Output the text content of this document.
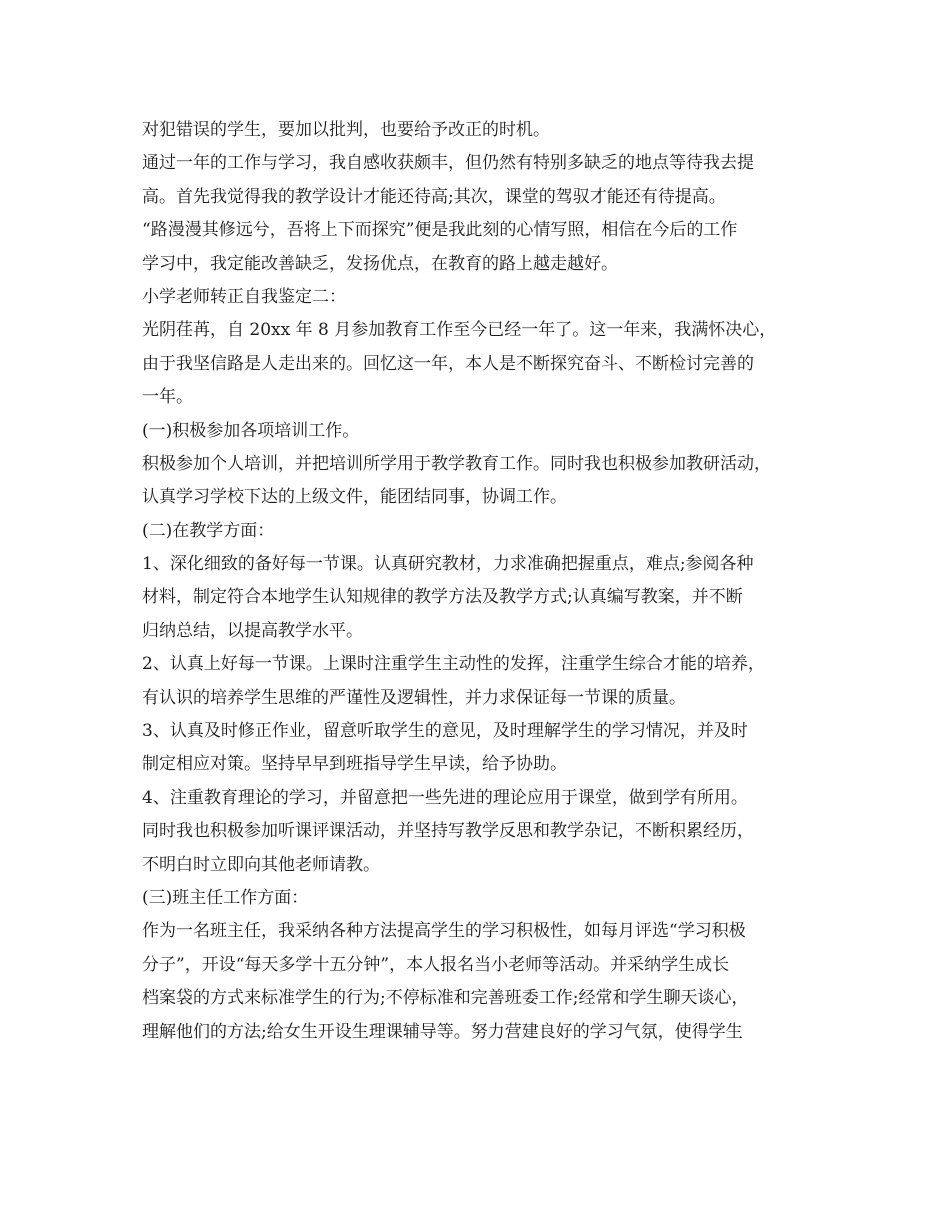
对犯错误的学生，要加以批判，也要给予改正的时机。
通过一年的工作与学习，我自感收获颇丰，但仍然有特别多缺乏的地点等待我去提
高。首先我觉得我的教学设计才能还待高;其次，课堂的驾驭才能还有待提高。
“路漫漫其修远兮，吾将上下而探究”便是我此刻的心情写照，相信在今后的工作
学习中，我定能改善缺乏，发扬优点，在教育的路上越走越好。
小学老师转正自我鉴定二：
光阴荏苒，自 20xx 年 8 月参加教育工作至今已经一年了。这一年来，我满怀决心，
由于我坚信路是人走出来的。回忆这一年，本人是不断探究奋斗、不断检讨完善的
一年。
(一)积极参加各项培训工作。
积极参加个人培训，并把培训所学用于教学教育工作。同时我也积极参加教研活动，
认真学习学校下达的上级文件，能团结同事，协调工作。
(二)在教学方面：
1、深化细致的备好每一节课。认真研究教材，力求准确把握重点，难点;参阅各种
材料，制定符合本地学生认知规律的教学方法及教学方式;认真编写教案，并不断
归纳总结，以提高教学水平。
2、认真上好每一节课。上课时注重学生主动性的发挥，注重学生综合才能的培养，
有认识的培养学生思维的严谨性及逻辑性，并力求保证每一节课的质量。
3、认真及时修正作业，留意听取学生的意见，及时理解学生的学习情况，并及时
制定相应对策。坚持早早到班指导学生早读，给予协助。
4、注重教育理论的学习，并留意把一些先进的理论应用于课堂，做到学有所用。
同时我也积极参加听课评课活动，并坚持写教学反思和教学杂记，不断积累经历，
不明白时立即向其他老师请教。
(三)班主任工作方面：
作为一名班主任，我采纳各种方法提高学生的学习积极性，如每月评选“学习积极
分子”，开设“每天多学十五分钟”，本人报名当小老师等活动。并采纳学生成长
档案袋的方式来标准学生的行为;不停标准和完善班委工作;经常和学生聊天谈心，
理解他们的方法;给女生开设生理课辅导等。努力营建良好的学习气氛，使得学生
